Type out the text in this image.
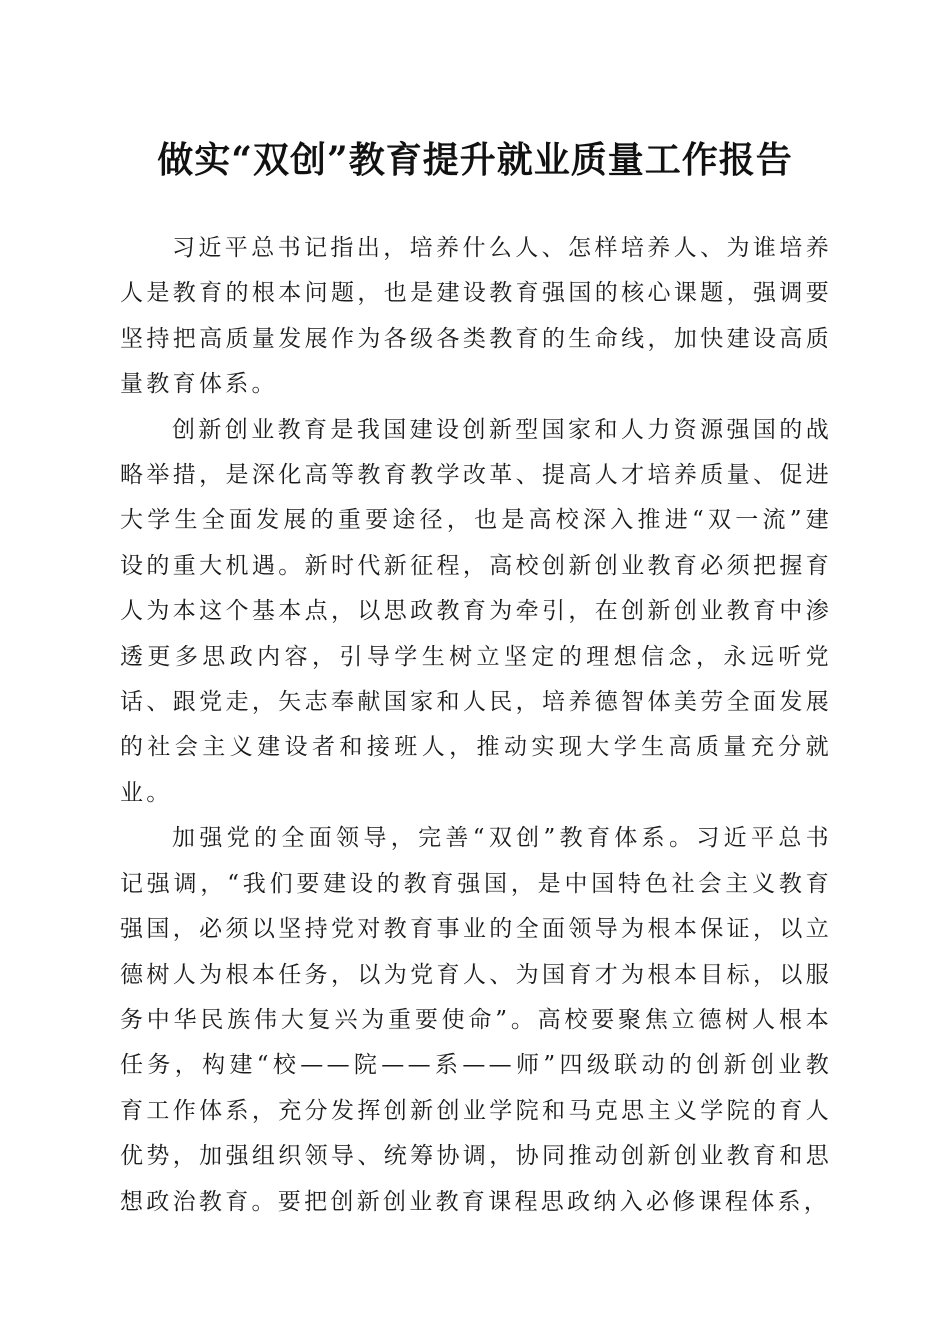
做实“双创”教育提升就业质量工作报告

习近平总书记指出，培养什么人、怎样培养人、为谁培养人是教育的根本问题，也是建设教育强国的核心课题，强调要坚持把高质量发展作为各级各类教育的生命线，加快建设高质量教育体系。

创新创业教育是我国建设创新型国家和人力资源强国的战略举措，是深化高等教育教学改革、提高人才培养质量、促进大学生全面发展的重要途径，也是高校深入推进“双一流”建设的重大机遇。新时代新征程，高校创新创业教育必须把握育人为本这个基本点，以思政教育为牵引，在创新创业教育中渗透更多思政内容，引导学生树立坚定的理想信念，永远听党话、跟党走，矢志奉献国家和人民，培养德智体美劳全面发展的社会主义建设者和接班人，推动实现大学生高质量充分就业。

加强党的全面领导，完善“双创”教育体系。习近平总书记强调，“我们要建设的教育强国，是中国特色社会主义教育强国，必须以坚持党对教育事业的全面领导为根本保证，以立德树人为根本任务，以为党育人、为国育才为根本目标，以服务中华民族伟大复兴为重要使命”。高校要聚焦立德树人根本任务，构建“校——院——系——师”四级联动的创新创业教育工作体系，充分发挥创新创业学院和马克思主义学院的育人优势，加强组织领导、统筹协调，协同推动创新创业教育和思想政治教育。要把创新创业教育课程思政纳入必修课程体系，
